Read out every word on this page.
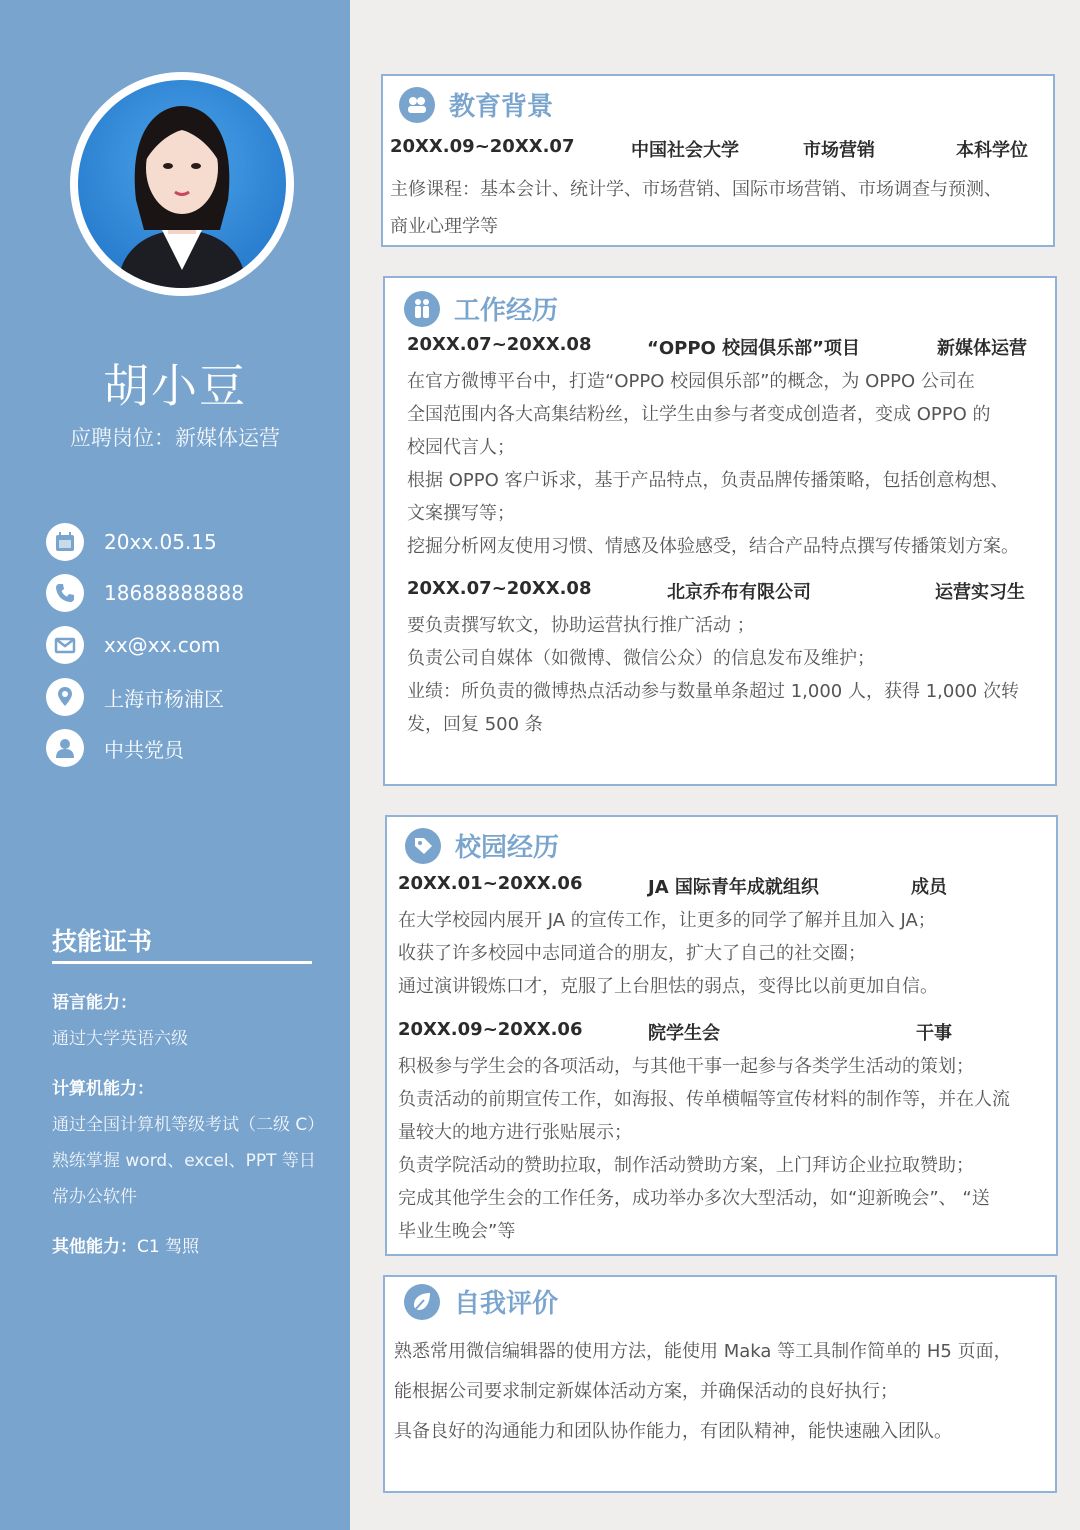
胡小豆
应聘岗位：新媒体运营
20xx.05.15
18688888888
xx@xx.com
上海市杨浦区
中共党员
技能证书
语言能力：
通过大学英语六级
计算机能力：
通过全国计算机等级考试（二级 C）
熟练掌握 word、excel、PPT 等日
常办公软件
其他能力：C1 驾照
教育背景
20XX.09~20XX.07	中国社会大学	市场营销	本科学位
主修课程：基本会计、统计学、市场营销、国际市场营销、市场调查与预测、
商业心理学等
工作经历
20XX.07~20XX.08	“OPPO 校园俱乐部”项目	新媒体运营
在官方微博平台中，打造“OPPO 校园俱乐部”的概念，为 OPPO 公司在
全国范围内各大高集结粉丝，让学生由参与者变成创造者，变成 OPPO 的
校园代言人；
根据 OPPO 客户诉求，基于产品特点，负责品牌传播策略，包括创意构想、
文案撰写等；
挖掘分析网友使用习惯、情感及体验感受，结合产品特点撰写传播策划方案。
20XX.07~20XX.08	北京乔布有限公司	运营实习生
要负责撰写软文，协助运营执行推广活动 ；
负责公司自媒体（如微博、微信公众）的信息发布及维护；
业绩：所负责的微博热点活动参与数量单条超过 1,000 人，获得 1,000 次转
发，回复 500 条
校园经历
20XX.01~20XX.06	JA 国际青年成就组织	成员
在大学校园内展开 JA 的宣传工作，让更多的同学了解并且加入 JA；
收获了许多校园中志同道合的朋友，扩大了自己的社交圈；
通过演讲锻炼口才，克服了上台胆怯的弱点，变得比以前更加自信。
20XX.09~20XX.06	院学生会	干事
积极参与学生会的各项活动，与其他干事一起参与各类学生活动的策划；
负责活动的前期宣传工作，如海报、传单横幅等宣传材料的制作等，并在人流
量较大的地方进行张贴展示；
负责学院活动的赞助拉取，制作活动赞助方案，上门拜访企业拉取赞助；
完成其他学生会的工作任务，成功举办多次大型活动，如“迎新晚会”、 “送
毕业生晚会”等
自我评价
熟悉常用微信编辑器的使用方法，能使用 Maka 等工具制作简单的 H5 页面，
能根据公司要求制定新媒体活动方案，并确保活动的良好执行；
具备良好的沟通能力和团队协作能力，有团队精神，能快速融入团队。
